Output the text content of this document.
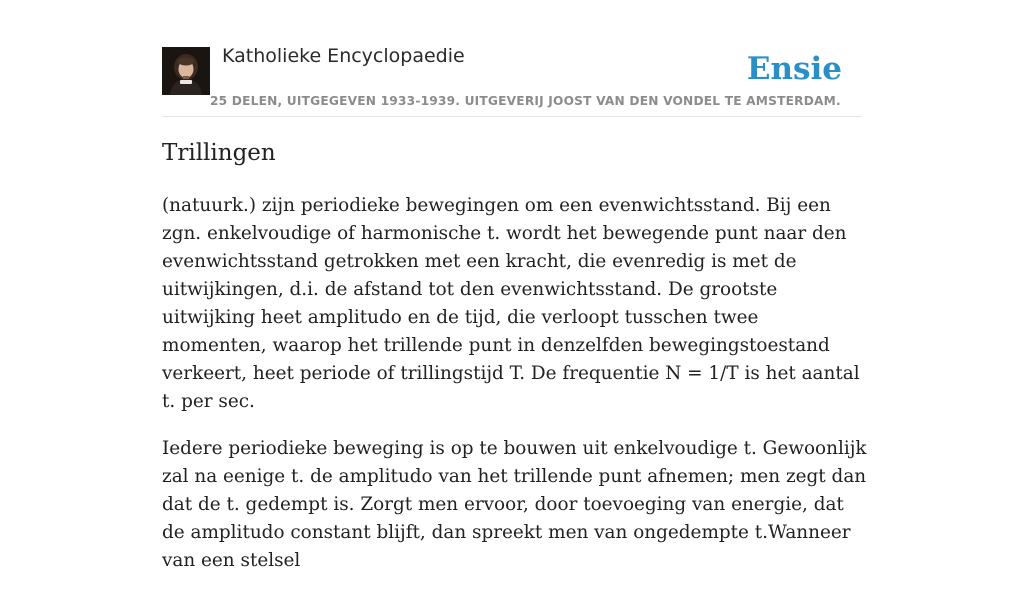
Katholieke Encyclopaedie
25 DELEN, UITGEGEVEN 1933-1939. UITGEVERIJ JOOST VAN DEN VONDEL TE AMSTERDAM.
Ensie
Trillingen

(natuurk.) zijn periodieke bewegingen om een evenwichtsstand. Bij een zgn. enkelvoudige of harmonische t. wordt het bewegende punt naar den evenwichtsstand getrokken met een kracht, die evenredig is met de uitwijkingen, d.i. de afstand tot den evenwichtsstand. De grootste uitwijking heet amplitudo en de tijd, die verloopt tusschen twee momenten, waarop het trillende punt in denzelfden bewegingstoestand verkeert, heet periode of trillingstijd T. De frequentie N = 1/T is het aantal t. per sec.

Iedere periodieke beweging is op te bouwen uit enkelvoudige t. Gewoonlijk zal na eenige t. de amplitudo van het trillende punt afnemen; men zegt dan dat de t. gedempt is. Zorgt men ervoor, door toevoeging van energie, dat de amplitudo constant blijft, dan spreekt men van ongedempte t.Wanneer van een stelsel
